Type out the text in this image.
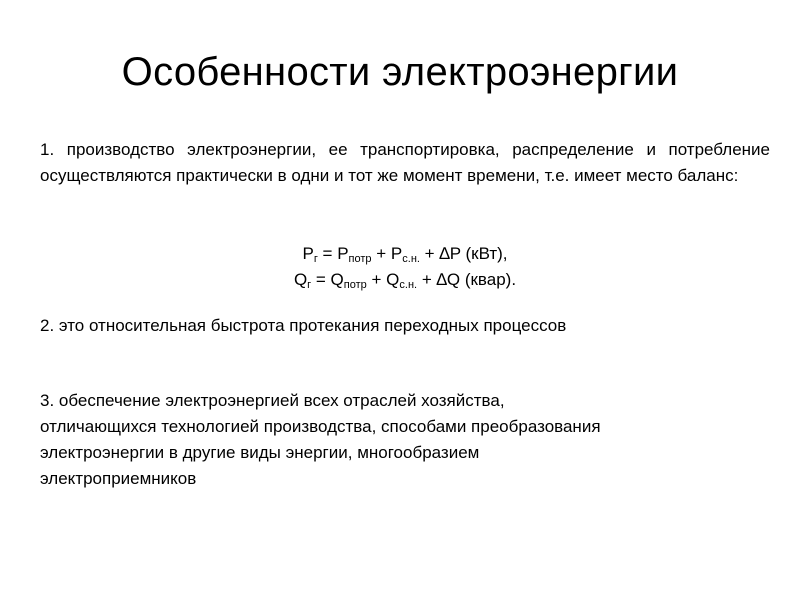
Особенности электроэнергии

1. производство электроэнергии, ее транспортировка, распределение и потребление осуществляются практически в одни и тот же момент времени, т.е. имеет место баланс:

$P_г = P_{потр} + P_{с.н.} + \Delta P$ (кВт),
$Q_г = Q_{потр} + Q_{с.н.} + \Delta Q$ (квар).

2. это относительная быстрота протекания переходных процессов

3. обеспечение электроэнергией всех отраслей хозяйства,
отличающихся технологией производства, способами преобразования
электроэнергии в другие виды энергии, многообразием
электроприемников
